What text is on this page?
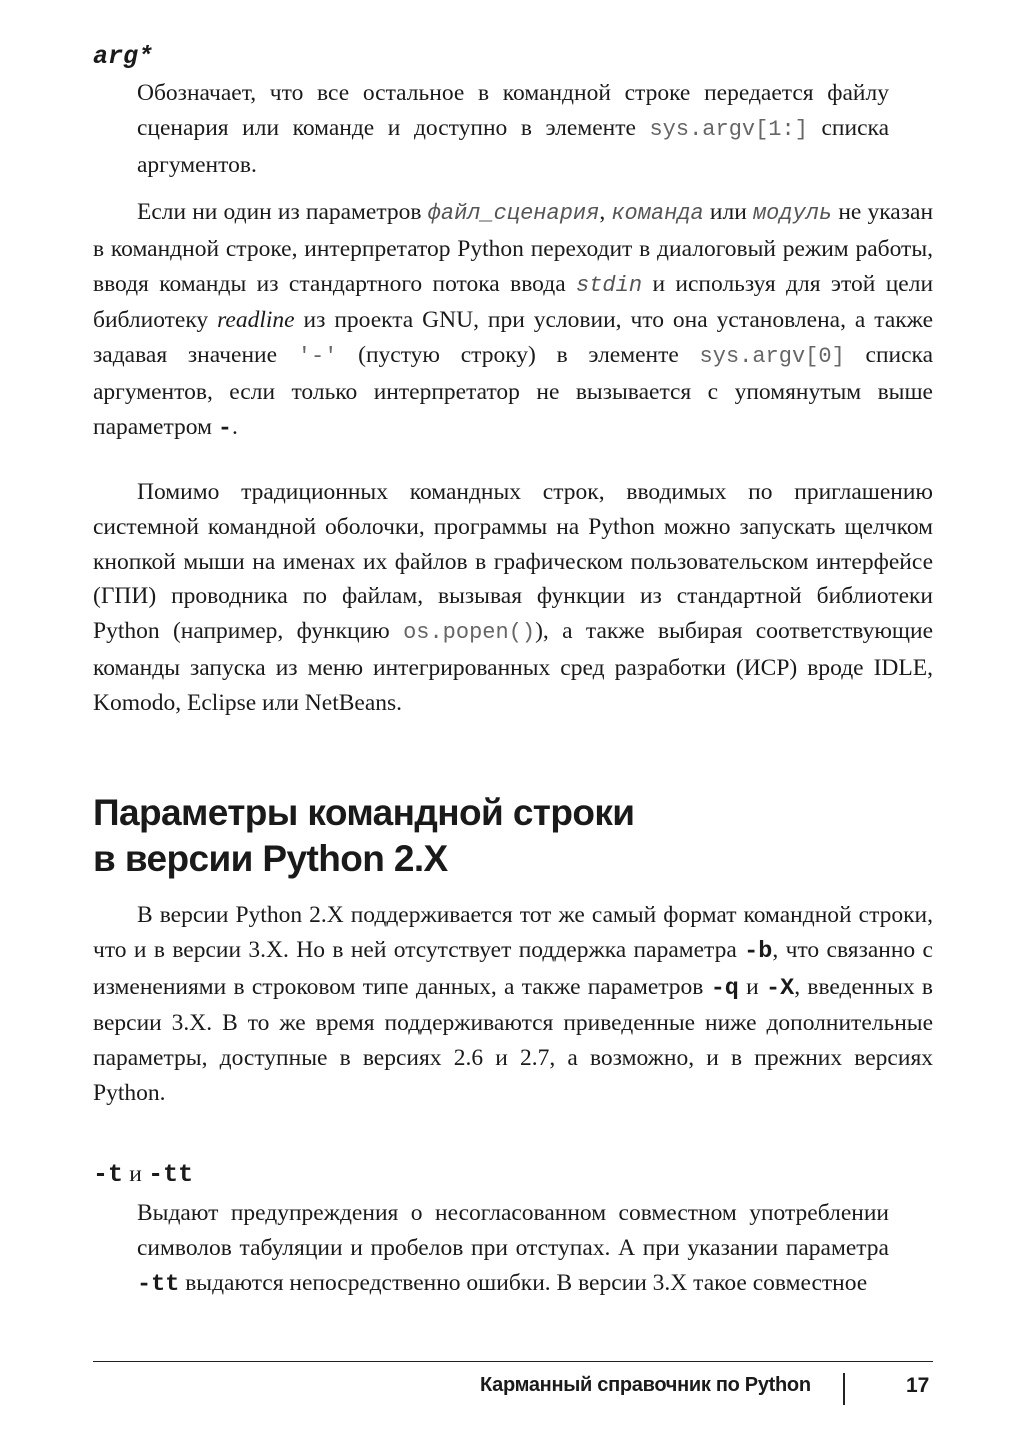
arg*

Обозначает, что все остальное в командной строке передается файлу сценария или команде и доступно в элементе sys.argv[1:] списка аргументов.

Если ни один из параметров файл_сценария, команда или модуль не указан в командной строке, интерпретатор Python переходит в диалоговый режим работы, вводя команды из стандартного потока ввода stdin и используя для этой цели библиотеку readline из проекта GNU, при условии, что она установлена, а также задавая значение '-' (пустую строку) в элементе sys.argv[0] списка аргументов, если только интерпретатор не вызывается с упомянутым выше параметром -.

Помимо традиционных командных строк, вводимых по приглашению системной командной оболочки, программы на Python можно запускать щелчком кнопкой мыши на именах их файлов в графическом пользовательском интерфейсе (ГПИ) проводника по файлам, вызывая функции из стандартной библиотеки Python (например, функцию os.popen()), а также выбирая соответствующие команды запуска из меню интегрированных сред разработки (ИСР) вроде IDLE, Komodo, Eclipse или NetBeans.

Параметры командной строки
в версии Python 2.X

В версии Python 2.X поддерживается тот же самый формат командной строки, что и в версии 3.X. Но в ней отсутствует поддержка параметра -b, что связанно с изменениями в строковом типе данных, а также параметров -q и -X, введенных в версии 3.X. В то же время поддерживаются приведенные ниже дополнительные параметры, доступные в версиях 2.6 и 2.7, а возможно, и в прежних версиях Python.

-t и -tt

Выдают предупреждения о несогласованном совместном употреблении символов табуляции и пробелов при отступах. А при указании параметра -tt выдаются непосредственно ошибки. В версии 3.X такое совместное

Карманный справочник по Python	17
